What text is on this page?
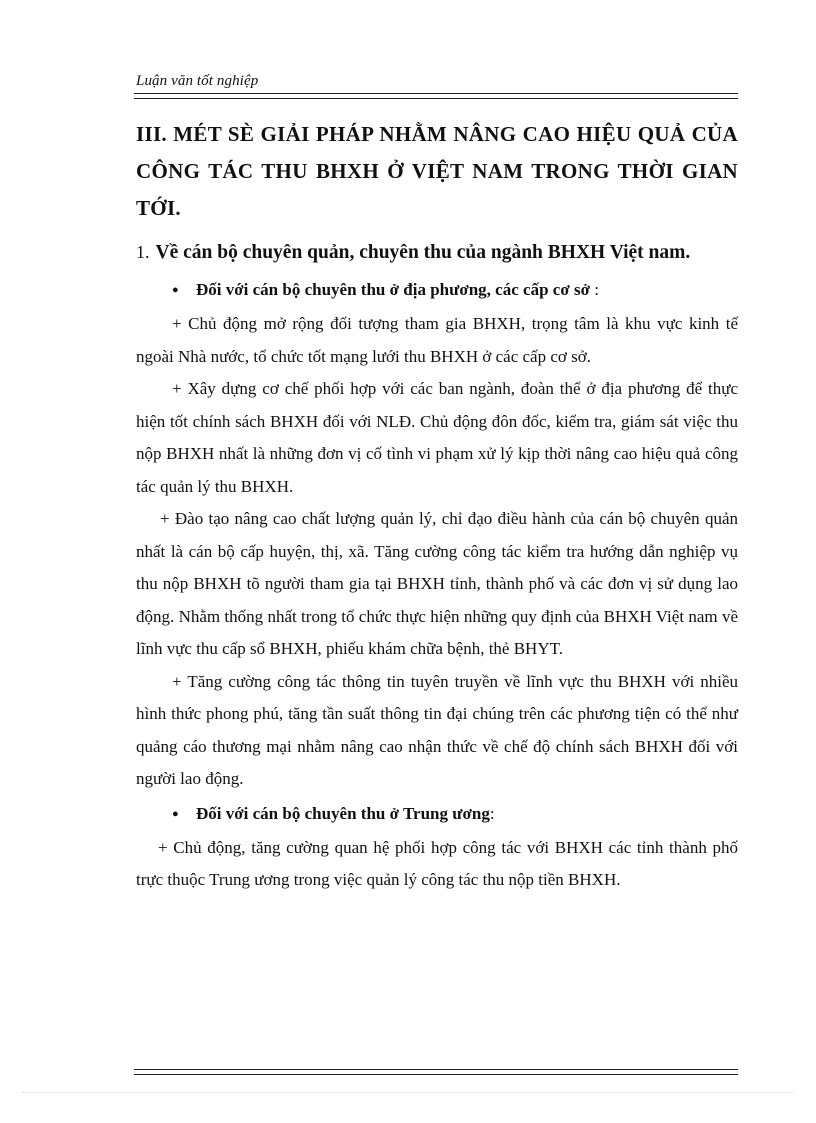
Luận văn tốt nghiệp
III. MÉT SÈ GIẢI PHÁP NHẰM NÂNG CAO HIỆU QUẢ CỦA CÔNG TÁC THU BHXH Ở VIỆT NAM TRONG THỜI GIAN TỚI.
1. Về cán bộ chuyên quản, chuyên thu của ngành BHXH Việt nam.
● Đối với cán bộ chuyên thu ở địa phương, các cấp cơ sở :

+ Chủ động mở rộng đối tượng tham gia BHXH, trọng tâm là khu vực kinh tế ngoài Nhà nước, tổ chức tốt mạng lưới thu BHXH ở các cấp cơ sở.

+ Xây dựng cơ chế phối hợp với các ban ngành, đoàn thể ở địa phương để thực hiện tốt chính sách BHXH đối với NLĐ. Chủ động đôn đốc, kiểm tra, giám sát việc thu nộp BHXH nhất là những đơn vị cố tình vi phạm xử lý kịp thời nâng cao hiệu quả công tác quản lý thu BHXH.

+ Đào tạo nâng cao chất lượng quản lý, chỉ đạo điều hành của cán bộ chuyên quản nhất là cán bộ cấp huyện, thị, xã. Tăng cường công tác kiểm tra hướng dẫn nghiệp vụ thu nộp BHXH tõ người tham gia tại BHXH tỉnh, thành phố và các đơn vị sử dụng lao động. Nhằm thống nhất trong tổ chức thực hiện những quy định của BHXH Việt nam về lĩnh vực thu cấp sổ BHXH, phiếu khám chữa bệnh, thẻ BHYT.

+ Tăng cường công tác thông tin tuyên truyền về lĩnh vực thu BHXH với nhiều hình thức phong phú, tăng tần suất thông tin đại chúng trên các phương tiện có thể như quảng cáo thương mại nhằm nâng cao nhận thức về chế độ chính sách BHXH đối với người lao động.

● Đối với cán bộ chuyên thu ở Trung ương:

+ Chủ động, tăng cường quan hệ phối hợp công tác với BHXH các tỉnh thành phố trực thuộc Trung ương trong việc quản lý công tác thu nộp tiền BHXH.
